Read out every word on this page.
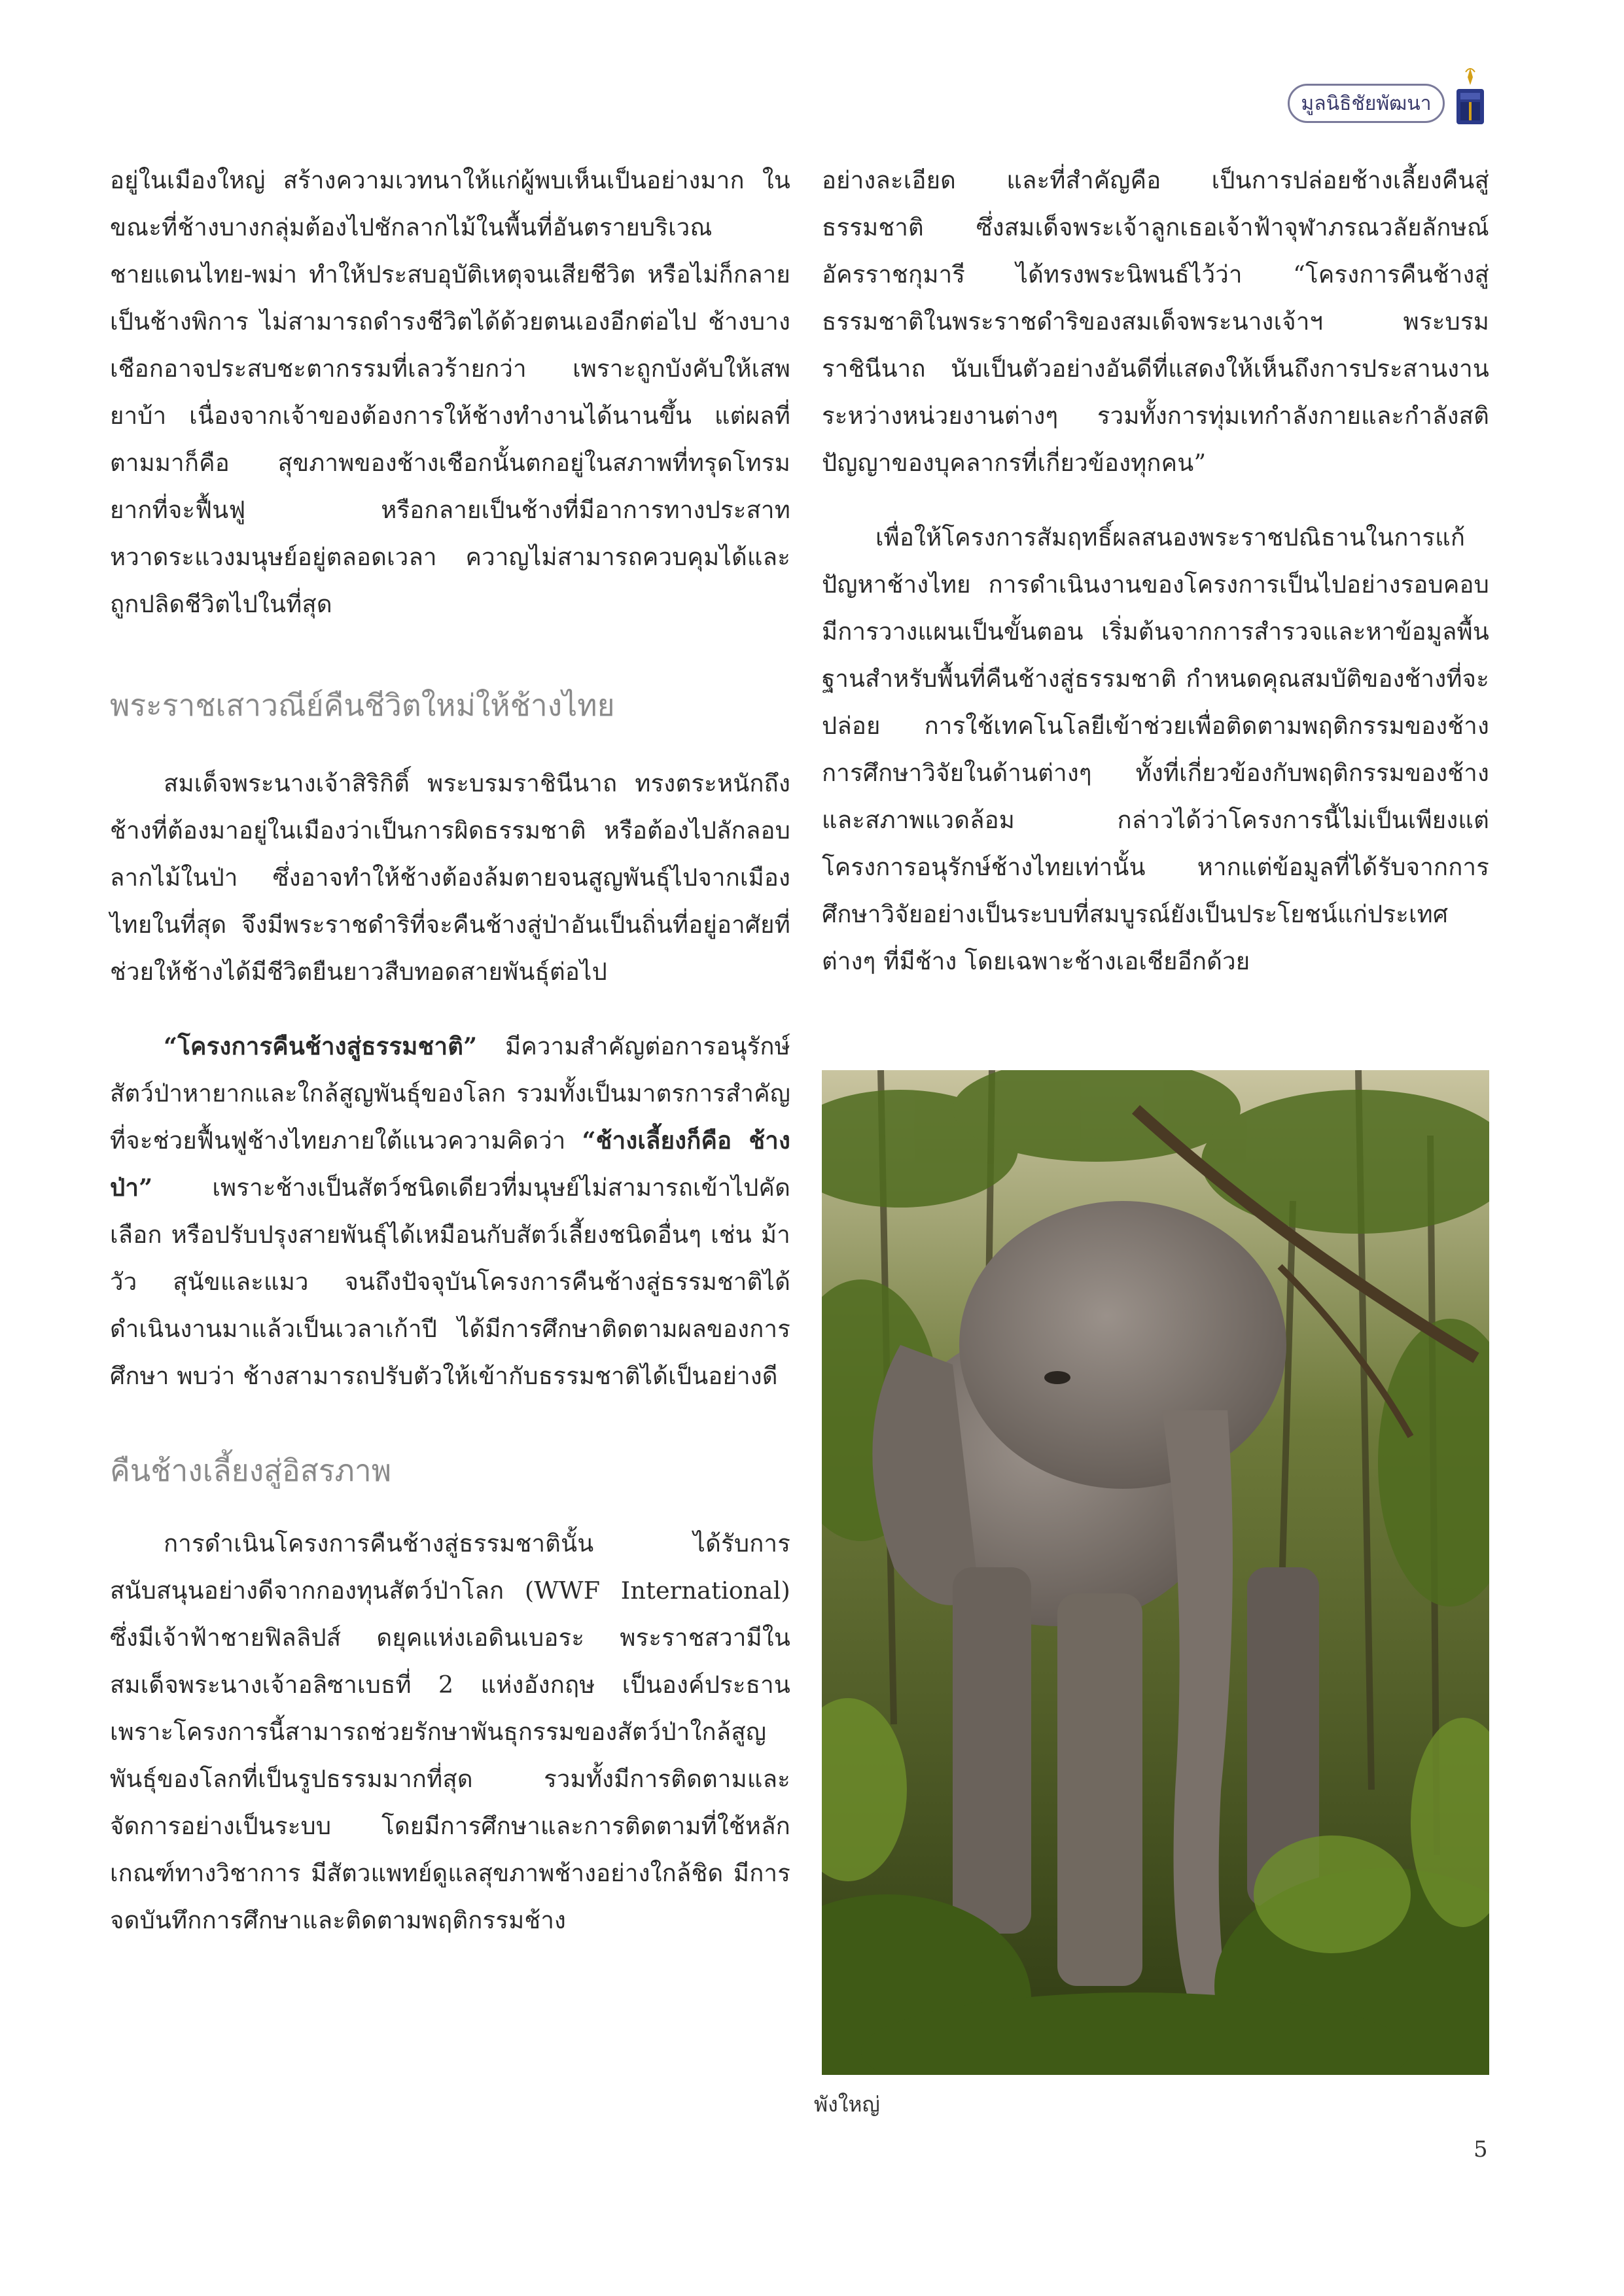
มูลนิธิชัยพัฒนา

อยู่ในเมืองใหญ่ สร้างความเวทนาให้แก่ผู้พบเห็นเป็นอย่างมาก ในขณะที่ช้างบางกลุ่มต้องไปชักลากไม้ในพื้นที่อันตรายบริเวณชายแดนไทย-พม่า ทำให้ประสบอุบัติเหตุจนเสียชีวิต หรือไม่ก็กลายเป็นช้างพิการ ไม่สามารถดำรงชีวิตได้ด้วยตนเองอีกต่อไป ช้างบางเชือกอาจประสบชะตากรรมที่เลวร้ายกว่า เพราะถูกบังคับให้เสพยาบ้า เนื่องจากเจ้าของต้องการให้ช้างทำงานได้นานขึ้น แต่ผลที่ตามมาก็คือ สุขภาพของช้างเชือกนั้นตกอยู่ในสภาพที่ทรุดโทรม ยากที่จะฟื้นฟู หรือกลายเป็นช้างที่มีอาการทางประสาท หวาดระแวงมนุษย์อยู่ตลอดเวลา ควาญไม่สามารถควบคุมได้และถูกปลิดชีวิตไปในที่สุด

พระราชเสาวณีย์คืนชีวิตใหม่ให้ช้างไทย

สมเด็จพระนางเจ้าสิริกิติ์ พระบรมราชินีนาถ ทรงตระหนักถึงช้างที่ต้องมาอยู่ในเมืองว่าเป็นการผิดธรรมชาติ หรือต้องไปลักลอบลากไม้ในป่า ซึ่งอาจทำให้ช้างต้องล้มตายจนสูญพันธุ์ไปจากเมืองไทยในที่สุด จึงมีพระราชดำริที่จะคืนช้างสู่ป่าอันเป็นถิ่นที่อยู่อาศัยที่ช่วยให้ช้างได้มีชีวิตยืนยาวสืบทอดสายพันธุ์ต่อไป

“โครงการคืนช้างสู่ธรรมชาติ” มีความสำคัญต่อการอนุรักษ์สัตว์ป่าหายากและใกล้สูญพันธุ์ของโลก รวมทั้งเป็นมาตรการสำคัญที่จะช่วยฟื้นฟูช้างไทยภายใต้แนวความคิดว่า “ช้างเลี้ยงก็คือ ช้างป่า” เพราะช้างเป็นสัตว์ชนิดเดียวที่มนุษย์ไม่สามารถเข้าไปคัดเลือก หรือปรับปรุงสายพันธุ์ได้เหมือนกับสัตว์เลี้ยงชนิดอื่นๆ เช่น ม้า วัว สุนัขและแมว จนถึงปัจจุบันโครงการคืนช้างสู่ธรรมชาติได้ดำเนินงานมาแล้วเป็นเวลาเก้าปี ได้มีการศึกษาติดตามผลของการศึกษา พบว่า ช้างสามารถปรับตัวให้เข้ากับธรรมชาติได้เป็นอย่างดี

คืนช้างเลี้ยงสู่อิสรภาพ

การดำเนินโครงการคืนช้างสู่ธรรมชาตินั้น ได้รับการสนับสนุนอย่างดีจากกองทุนสัตว์ป่าโลก (WWF International) ซึ่งมีเจ้าฟ้าชายฟิลลิปส์ ดยุคแห่งเอดินเบอระ พระราชสวามีในสมเด็จพระนางเจ้าอลิซาเบธที่ 2 แห่งอังกฤษ เป็นองค์ประธาน เพราะโครงการนี้สามารถช่วยรักษาพันธุกรรมของสัตว์ป่าใกล้สูญพันธุ์ของโลกที่เป็นรูปธรรมมากที่สุด รวมทั้งมีการติดตามและจัดการอย่างเป็นระบบ โดยมีการศึกษาและการติดตามที่ใช้หลักเกณฑ์ทางวิชาการ มีสัตวแพทย์ดูแลสุขภาพช้างอย่างใกล้ชิด มีการจดบันทึกการศึกษาและติดตามพฤติกรรมช้าง

อย่างละเอียด และที่สำคัญคือ เป็นการปล่อยช้างเลี้ยงคืนสู่ธรรมชาติ ซึ่งสมเด็จพระเจ้าลูกเธอเจ้าฟ้าจุฬาภรณวลัยลักษณ์ อัครราชกุมารี ได้ทรงพระนิพนธ์ไว้ว่า “โครงการคืนช้างสู่ธรรมชาติในพระราชดำริของสมเด็จพระนางเจ้าฯ พระบรมราชินีนาถ นับเป็นตัวอย่างอันดีที่แสดงให้เห็นถึงการประสานงานระหว่างหน่วยงานต่างๆ รวมทั้งการทุ่มเทกำลังกายและกำลังสติปัญญาของบุคลากรที่เกี่ยวข้องทุกคน”

เพื่อให้โครงการสัมฤทธิ์ผลสนองพระราชปณิธานในการแก้ปัญหาช้างไทย การดำเนินงานของโครงการเป็นไปอย่างรอบคอบ มีการวางแผนเป็นขั้นตอน เริ่มต้นจากการสำรวจและหาข้อมูลพื้นฐานสำหรับพื้นที่คืนช้างสู่ธรรมชาติ กำหนดคุณสมบัติของช้างที่จะปล่อย การใช้เทคโนโลยีเข้าช่วยเพื่อติดตามพฤติกรรมของช้าง การศึกษาวิจัยในด้านต่างๆ ทั้งที่เกี่ยวข้องกับพฤติกรรมของช้างและสภาพแวดล้อม กล่าวได้ว่าโครงการนี้ไม่เป็นเพียงแต่โครงการอนุรักษ์ช้างไทยเท่านั้น หากแต่ข้อมูลที่ได้รับจากการศึกษาวิจัยอย่างเป็นระบบที่สมบูรณ์ยังเป็นประโยชน์แก่ประเทศต่างๆ ที่มีช้าง โดยเฉพาะช้างเอเชียอีกด้วย

พังใหญ่
5
